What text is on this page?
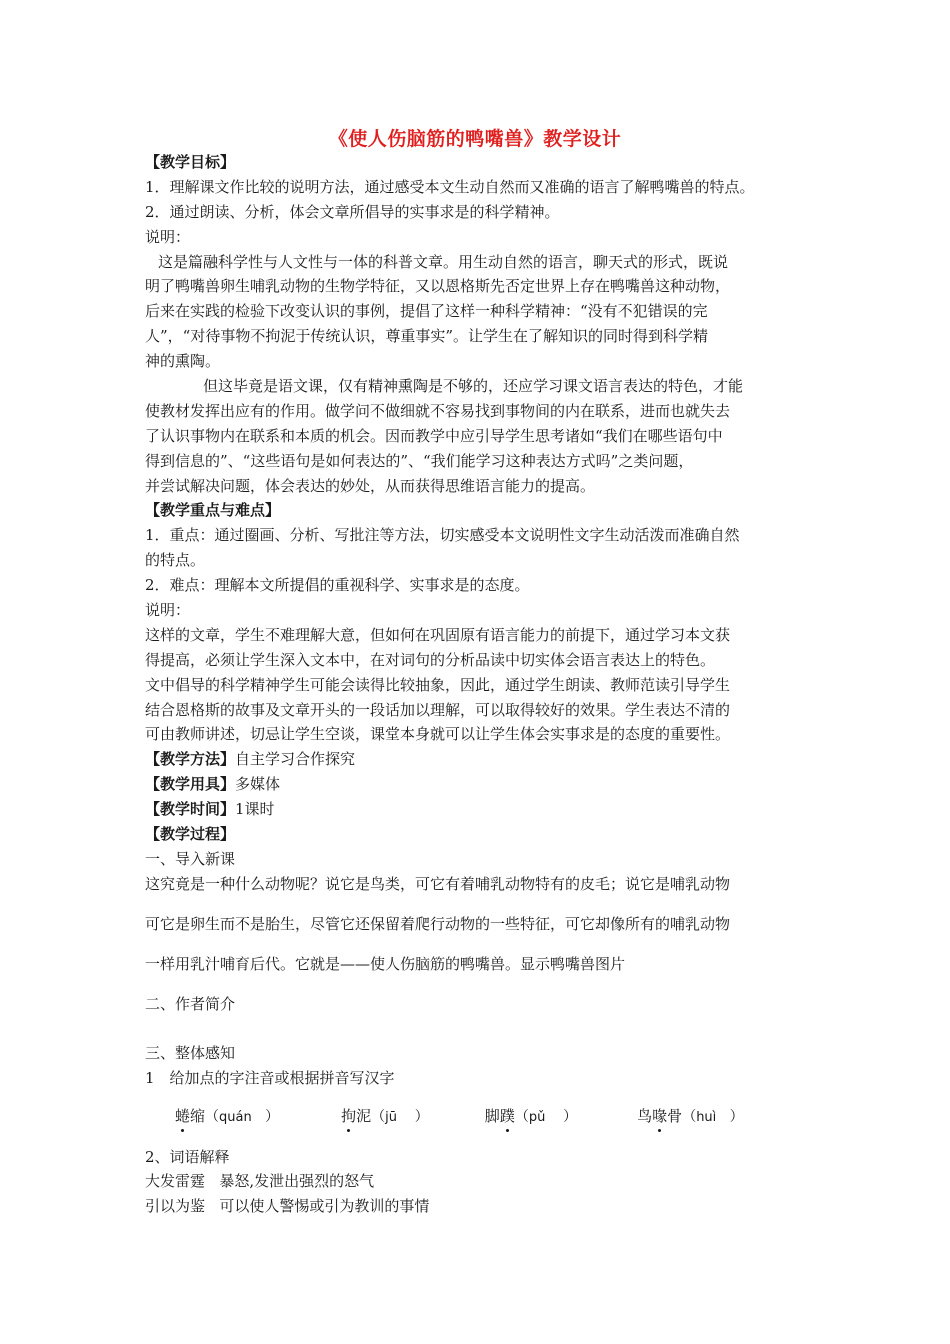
《使人伤脑筋的鸭嘴兽》教学设计
【教学目标】
1．理解课文作比较的说明方法，通过感受本文生动自然而又准确的语言了解鸭嘴兽的特点。
2．通过朗读、分析，体会文章所倡导的实事求是的科学精神。
说明：
这是篇融科学性与人文性与一体的科普文章。用生动自然的语言，聊天式的形式，既说
明了鸭嘴兽卵生哺乳动物的生物学特征，又以恩格斯先否定世界上存在鸭嘴兽这种动物，
后来在实践的检验下改变认识的事例，提倡了这样一种科学精神：“没有不犯错误的完
人”，“对待事物不拘泥于传统认识，尊重事实”。让学生在了解知识的同时得到科学精
神的熏陶。
但这毕竟是语文课，仅有精神熏陶是不够的，还应学习课文语言表达的特色，才能
使教材发挥出应有的作用。做学问不做细就不容易找到事物间的内在联系，进而也就失去
了认识事物内在联系和本质的机会。因而教学中应引导学生思考诸如“我们在哪些语句中
得到信息的”、“这些语句是如何表达的”、“我们能学习这种表达方式吗”之类问题，
并尝试解决问题，体会表达的妙处，从而获得思维语言能力的提高。
【教学重点与难点】
1．重点：通过圈画、分析、写批注等方法，切实感受本文说明性文字生动活泼而准确自然
的特点。
2．难点：理解本文所提倡的重视科学、实事求是的态度。
说明：
这样的文章，学生不难理解大意，但如何在巩固原有语言能力的前提下，通过学习本文获
得提高，必须让学生深入文本中，在对词句的分析品读中切实体会语言表达上的特色。
文中倡导的科学精神学生可能会读得比较抽象，因此，通过学生朗读、教师范读引导学生
结合恩格斯的故事及文章开头的一段话加以理解，可以取得较好的效果。学生表达不清的
可由教师讲述，切忌让学生空谈，课堂本身就可以让学生体会实事求是的态度的重要性。
【教学方法】自主学习合作探究
【教学用具】多媒体
【教学时间】1课时
【教学过程】
一、导入新课
这究竟是一种什么动物呢？说它是鸟类，可它有着哺乳动物特有的皮毛；说它是哺乳动物
可它是卵生而不是胎生，尽管它还保留着爬行动物的一些特征，可它却像所有的哺乳动物
一样用乳汁哺育后代。它就是——使人伤脑筋的鸭嘴兽。显示鸭嘴兽图片
二、作者简介
三、整体感知
1　给加点的字注音或根据拼音写汉字
蜷缩（quán   ）	拘泥（jū    ）	脚蹼（pǔ    ）	鸟喙骨（huì   ）
2、词语解释
大发雷霆 暴怒,发泄出强烈的怒气
引以为鉴 可以使人警惕或引为教训的事情
